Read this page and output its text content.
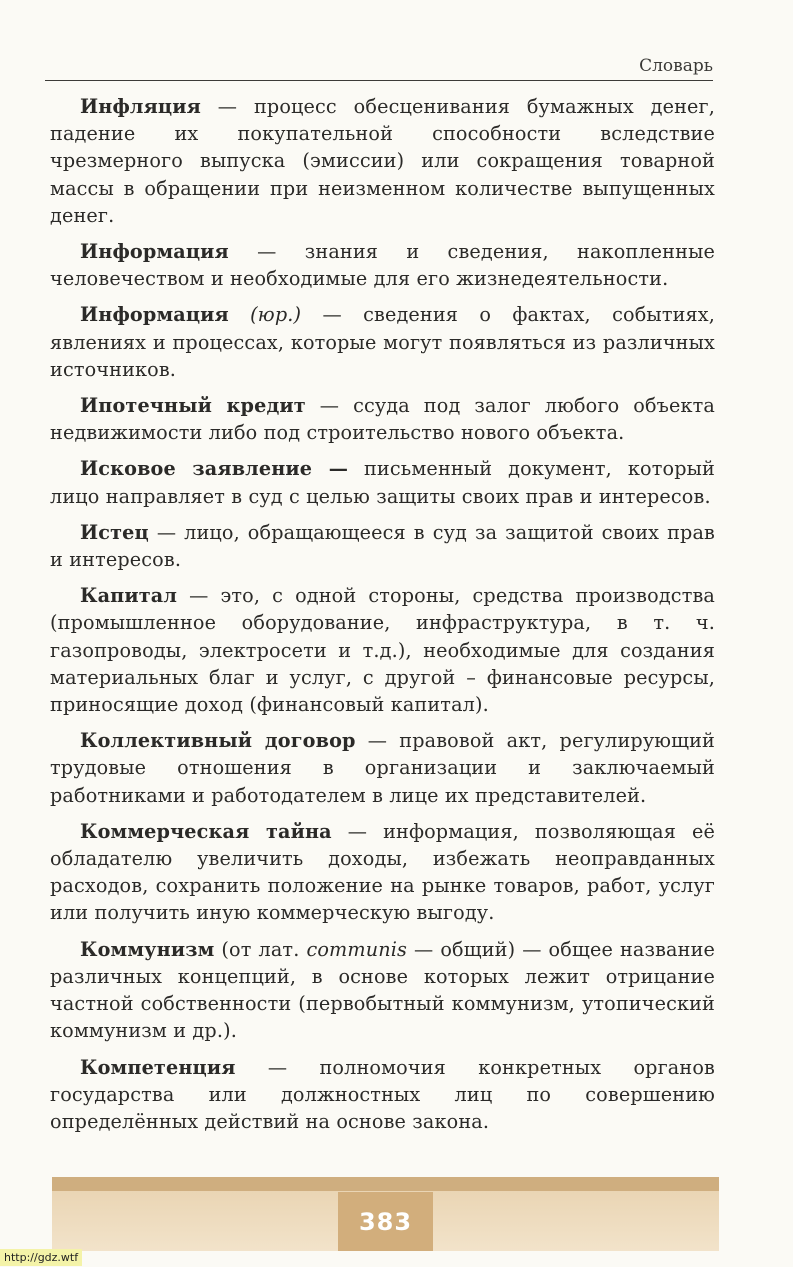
Словарь

Инфляция — процесс обесценивания бумажных денег, падение их покупательной способности вследствие чрезмерного выпуска (эмиссии) или сокращения товарной массы в обращении при неизменном количестве выпущенных денег.

Информация — знания и сведения, накопленные человечеством и необходимые для его жизнедеятельности.

Информация (юр.) — сведения о фактах, событиях, явлениях и процессах, которые могут появляться из различных источников.

Ипотечный кредит — ссуда под залог любого объекта недвижимости либо под строительство нового объекта.

Исковое заявление — письменный документ, который лицо направляет в суд с целью защиты своих прав и интересов.

Истец — лицо, обращающееся в суд за защитой своих прав и интересов.

Капитал — это, с одной стороны, средства производства (промышленное оборудование, инфраструктура, в т. ч. газопроводы, электросети и т.д.), необходимые для создания материальных благ и услуг, с другой – финансовые ресурсы, приносящие доход (финансовый капитал).

Коллективный договор — правовой акт, регулирующий трудовые отношения в организации и заключаемый работниками и работодателем в лице их представителей.

Коммерческая тайна — информация, позволяющая её обладателю увеличить доходы, избежать неоправданных расходов, сохранить положение на рынке товаров, работ, услуг или получить иную коммерческую выгоду.

Коммунизм (от лат. communis — общий) — общее название различных концепций, в основе которых лежит отрицание частной собственности (первобытный коммунизм, утопический коммунизм и др.).

Компетенция — полномочия конкретных органов государства или должностных лиц по совершению определённых действий на основе закона.

383
http://gdz.wtf
